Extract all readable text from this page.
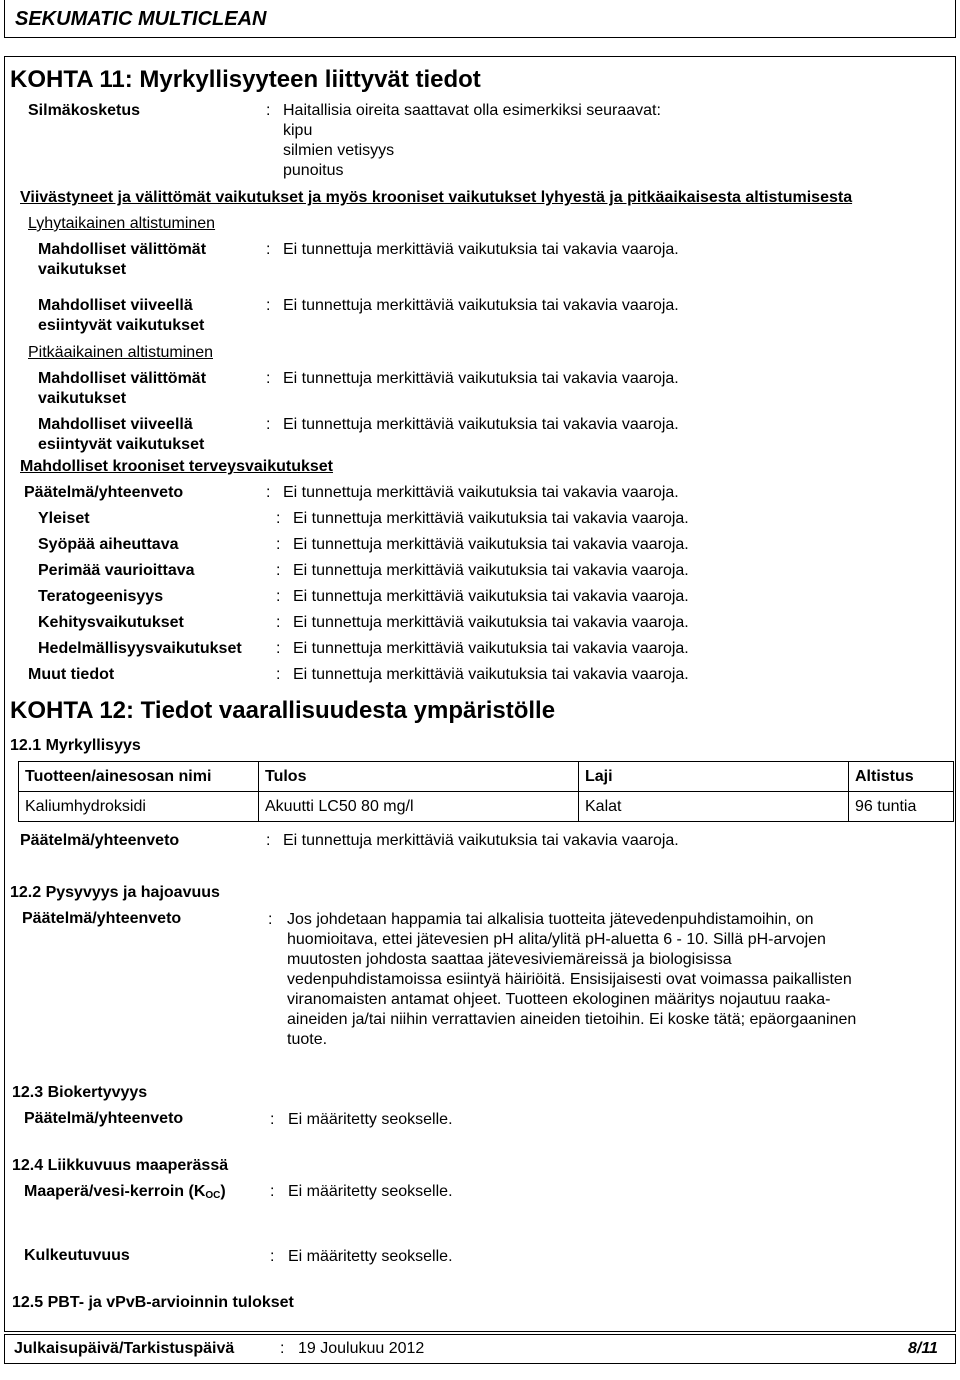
SEKUMATIC MULTICLEAN
KOHTA 11: Myrkyllisyyteen liittyvät tiedot
Silmäkosketus	: Haitallisia oireita saattavat olla esimerkiksi seuraavat:
kipu
silmien vetisyys
punoitus
Viivästyneet ja välittömät vaikutukset ja myös krooniset vaikutukset lyhyestä ja pitkäaikaisesta altistumisesta
Lyhytaikainen altistuminen
Mahdolliset välittömät
vaikutukset
: Ei tunnettuja merkittäviä vaikutuksia tai vakavia vaaroja.
Mahdolliset viiveellä
esiintyvät vaikutukset
: Ei tunnettuja merkittäviä vaikutuksia tai vakavia vaaroja.
Pitkäaikainen altistuminen
Mahdolliset välittömät
vaikutukset
: Ei tunnettuja merkittäviä vaikutuksia tai vakavia vaaroja.
Mahdolliset viiveellä
esiintyvät vaikutukset
: Ei tunnettuja merkittäviä vaikutuksia tai vakavia vaaroja.
Mahdolliset krooniset terveysvaikutukset
Päätelmä/yhteenveto	: Ei tunnettuja merkittäviä vaikutuksia tai vakavia vaaroja.
Yleiset	: Ei tunnettuja merkittäviä vaikutuksia tai vakavia vaaroja.
Syöpää aiheuttava	: Ei tunnettuja merkittäviä vaikutuksia tai vakavia vaaroja.
Perimää vaurioittava	: Ei tunnettuja merkittäviä vaikutuksia tai vakavia vaaroja.
Teratogeenisyys	: Ei tunnettuja merkittäviä vaikutuksia tai vakavia vaaroja.
Kehitysvaikutukset	: Ei tunnettuja merkittäviä vaikutuksia tai vakavia vaaroja.
Hedelmällisyysvaikutukset : Ei tunnettuja merkittäviä vaikutuksia tai vakavia vaaroja.
Muut tiedot	: Ei tunnettuja merkittäviä vaikutuksia tai vakavia vaaroja.
KOHTA 12: Tiedot vaarallisuudesta ympäristölle
12.1 Myrkyllisyys
Tuotteen/ainesosan nimi	Tulos	Laji	Altistus
Kaliumhydroksidi	Akuutti LC50 80 mg/l	Kalat	96 tuntia
Päätelmä/yhteenveto	: Ei tunnettuja merkittäviä vaikutuksia tai vakavia vaaroja.
12.2 Pysyvyys ja hajoavuus
Päätelmä/yhteenveto	: Jos johdetaan happamia tai alkalisia tuotteita jätevedenpuhdistamoihin, on
huomioitava, ettei jätevesien pH alita/ylitä pH-aluetta 6 - 10. Sillä pH-arvojen
muutosten johdosta saattaa jätevesiviemäreissä ja biologisissa
vedenpuhdistamoissa esiintyä häiriöitä. Ensisijaisesti ovat voimassa paikallisten
viranomaisten antamat ohjeet. Tuotteen ekologinen määritys nojautuu raaka-
aineiden ja/tai niihin verrattavien aineiden tietoihin. Ei koske tätä; epäorgaaninen
tuote.
12.3 Biokertyvyys
Päätelmä/yhteenveto	: Ei määritetty seokselle.
12.4 Liikkuvuus maaperässä
Maaperä/vesi-kerroin $(K_{OC})$	: Ei määritetty seokselle.
Kulkeutuvuus	: Ei määritetty seokselle.
12.5 PBT- ja vPvB-arvioinnin tulokset
Julkaisupäivä/Tarkistuspäivä	: 19 Joulukuu 2012	8/11
